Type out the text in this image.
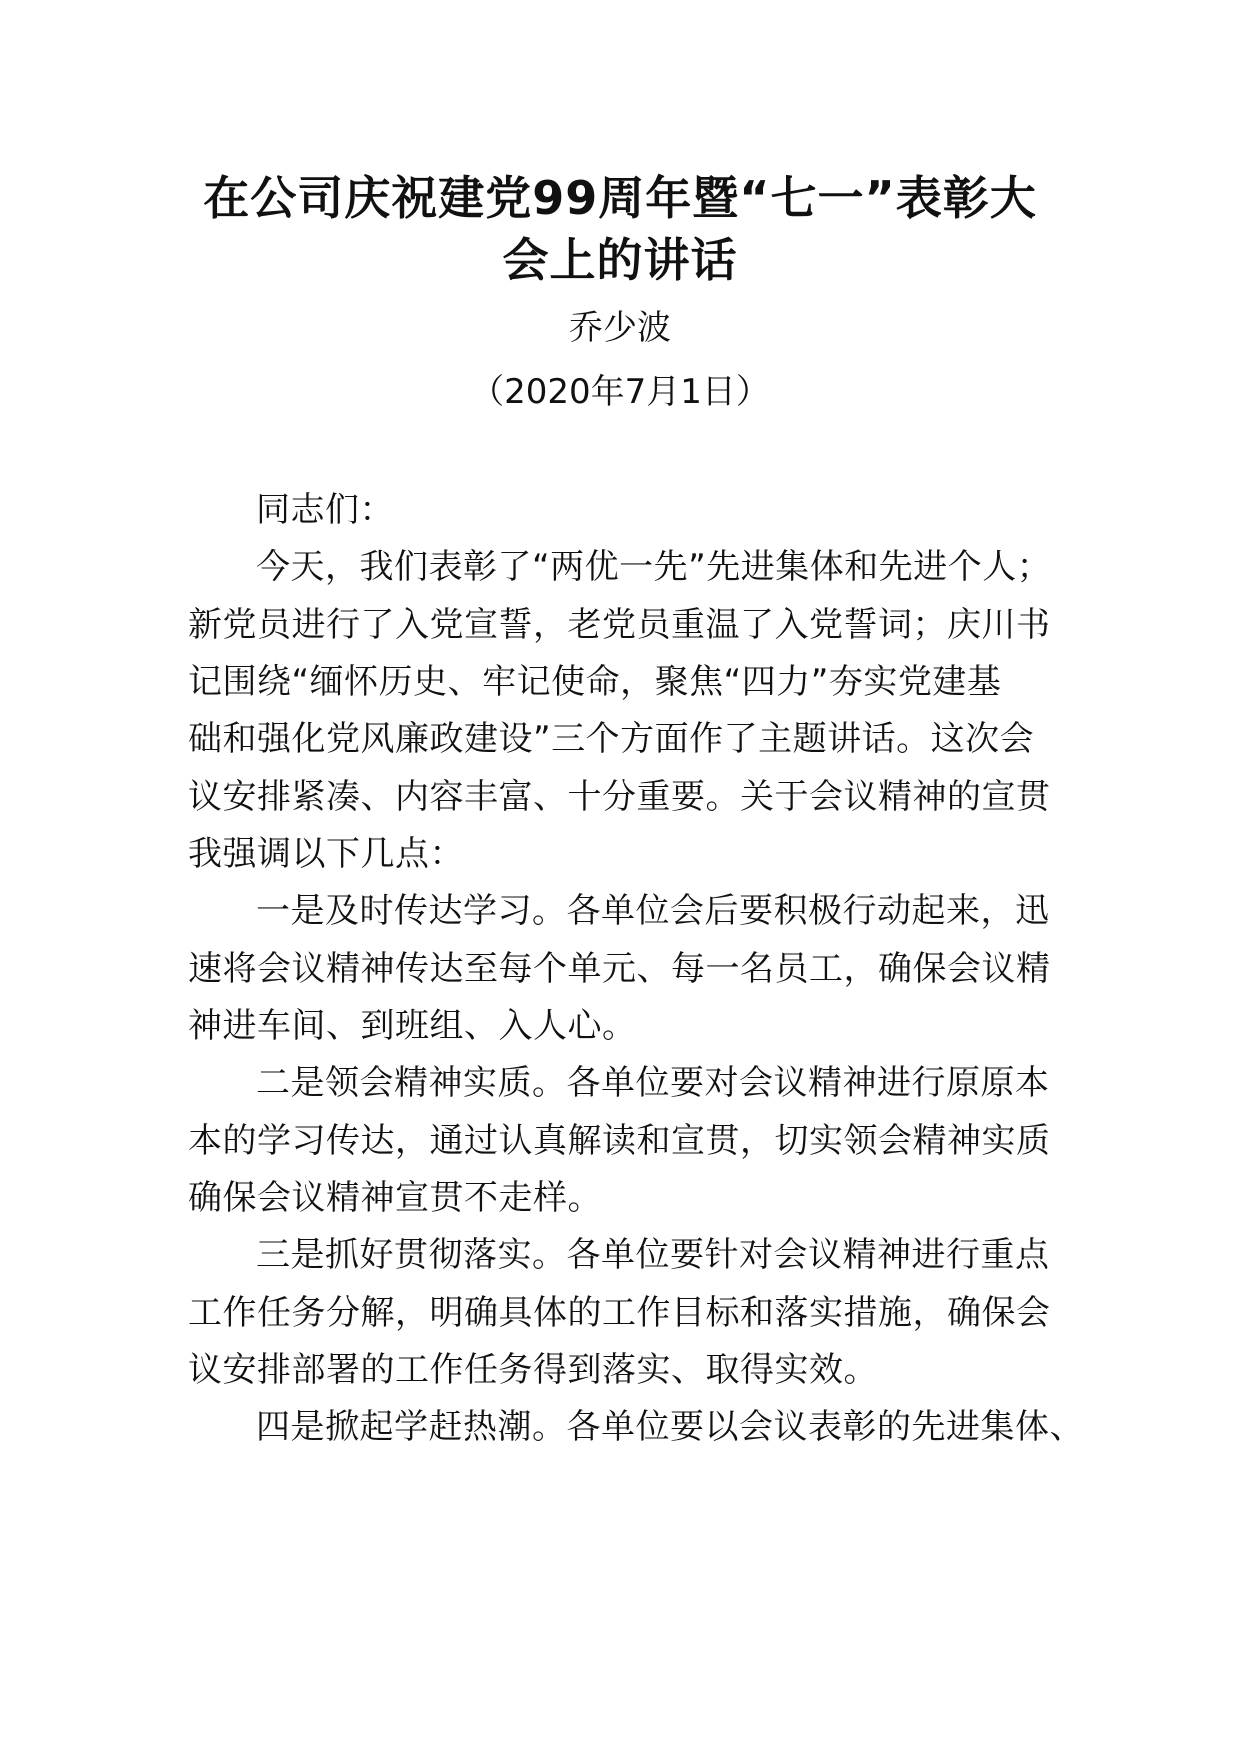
在公司庆祝建党99周年暨“七一”表彰大
会上的讲话
乔少波
（2020年7月1日）
同志们：
今天，我们表彰了“两优一先”先进集体和先进个人；
新党员进行了入党宣誓，老党员重温了入党誓词；庆川书
记围绕“缅怀历史、牢记使命，聚焦“四力”夯实党建基
础和强化党风廉政建设”三个方面作了主题讲话。这次会
议安排紧凑、内容丰富、十分重要。关于会议精神的宣贯
我强调以下几点：
一是及时传达学习。各单位会后要积极行动起来，迅
速将会议精神传达至每个单元、每一名员工，确保会议精
神进车间、到班组、入人心。
二是领会精神实质。各单位要对会议精神进行原原本
本的学习传达，通过认真解读和宣贯，切实领会精神实质
确保会议精神宣贯不走样。
三是抓好贯彻落实。各单位要针对会议精神进行重点
工作任务分解，明确具体的工作目标和落实措施，确保会
议安排部署的工作任务得到落实、取得实效。
四是掀起学赶热潮。各单位要以会议表彰的先进集体、
